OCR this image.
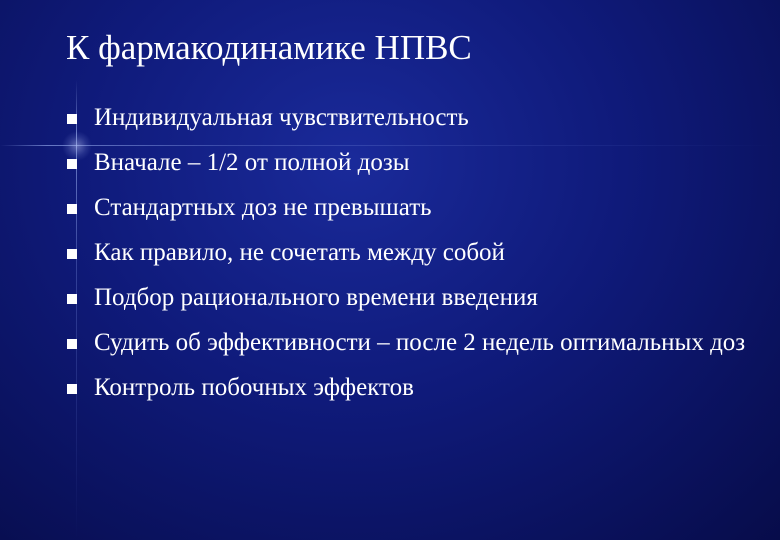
К фармакодинамике НПВС
Индивидуальная чувствительность
Вначале – 1/2 от полной дозы
Стандартных доз не превышать
Как правило, не сочетать между собой
Подбор рационального времени введения
Судить об эффективности – после 2 недель оптимальных доз
Контроль побочных эффектов
